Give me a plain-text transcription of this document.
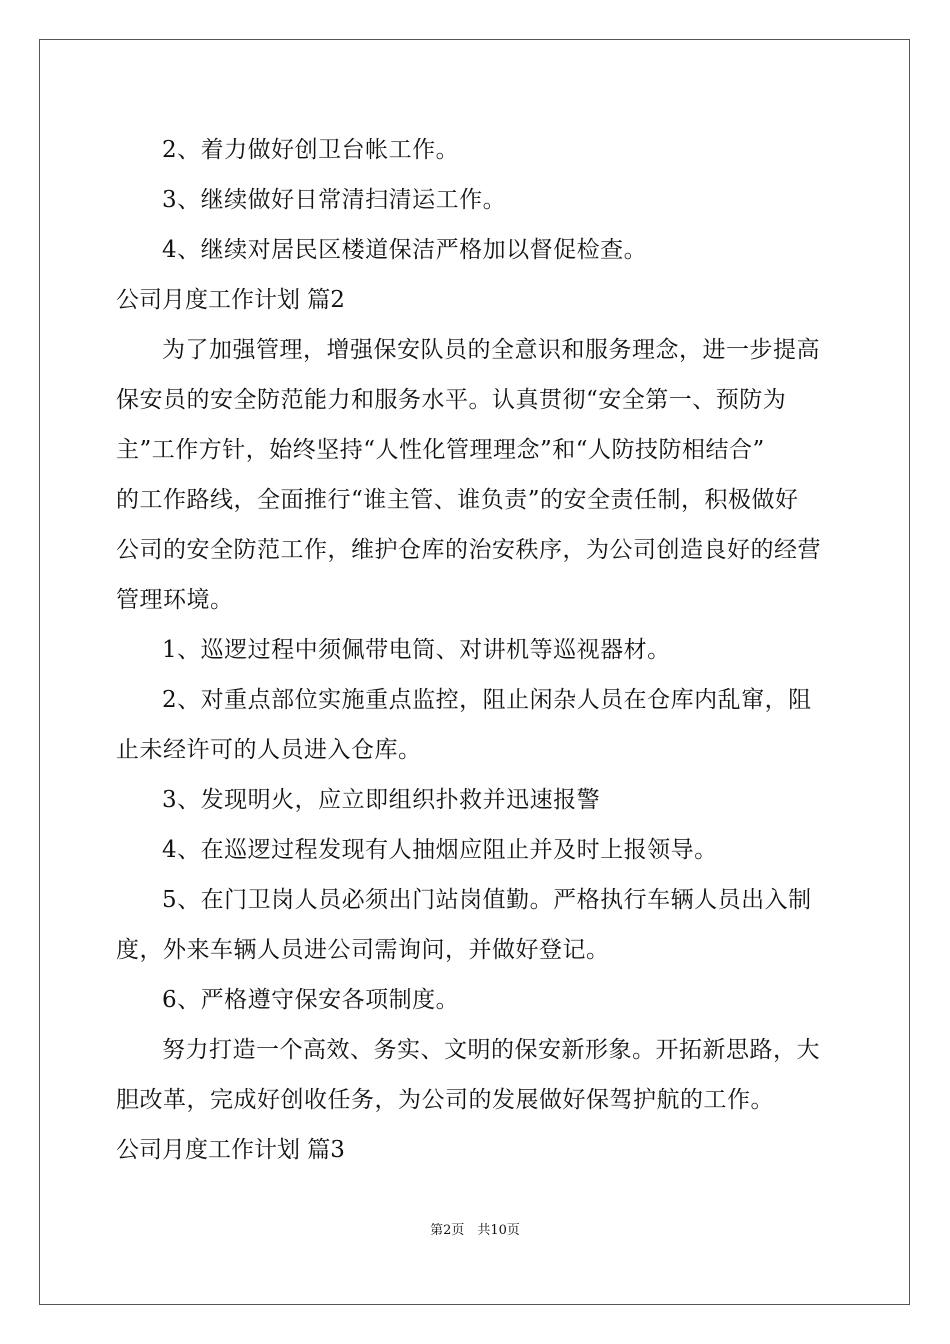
2、着力做好创卫台帐工作。
3、继续做好日常清扫清运工作。
4、继续对居民区楼道保洁严格加以督促检查。
公司月度工作计划 篇2
为了加强管理，增强保安队员的全意识和服务理念，进一步提高
保安员的安全防范能力和服务水平。认真贯彻“安全第一、预防为
主”工作方针，始终坚持“人性化管理理念”和“人防技防相结合”
的工作路线，全面推行“谁主管、谁负责”的安全责任制，积极做好
公司的安全防范工作，维护仓库的治安秩序，为公司创造良好的经营
管理环境。
1、巡逻过程中须佩带电筒、对讲机等巡视器材。
2、对重点部位实施重点监控，阻止闲杂人员在仓库内乱窜，阻
止未经许可的人员进入仓库。
3、发现明火，应立即组织扑救并迅速报警
4、在巡逻过程发现有人抽烟应阻止并及时上报领导。
5、在门卫岗人员必须出门站岗值勤。严格执行车辆人员出入制
度，外来车辆人员进公司需询问，并做好登记。
6、严格遵守保安各项制度。
努力打造一个高效、务实、文明的保安新形象。开拓新思路，大
胆改革，完成好创收任务，为公司的发展做好保驾护航的工作。
公司月度工作计划 篇3
第2页　共10页
